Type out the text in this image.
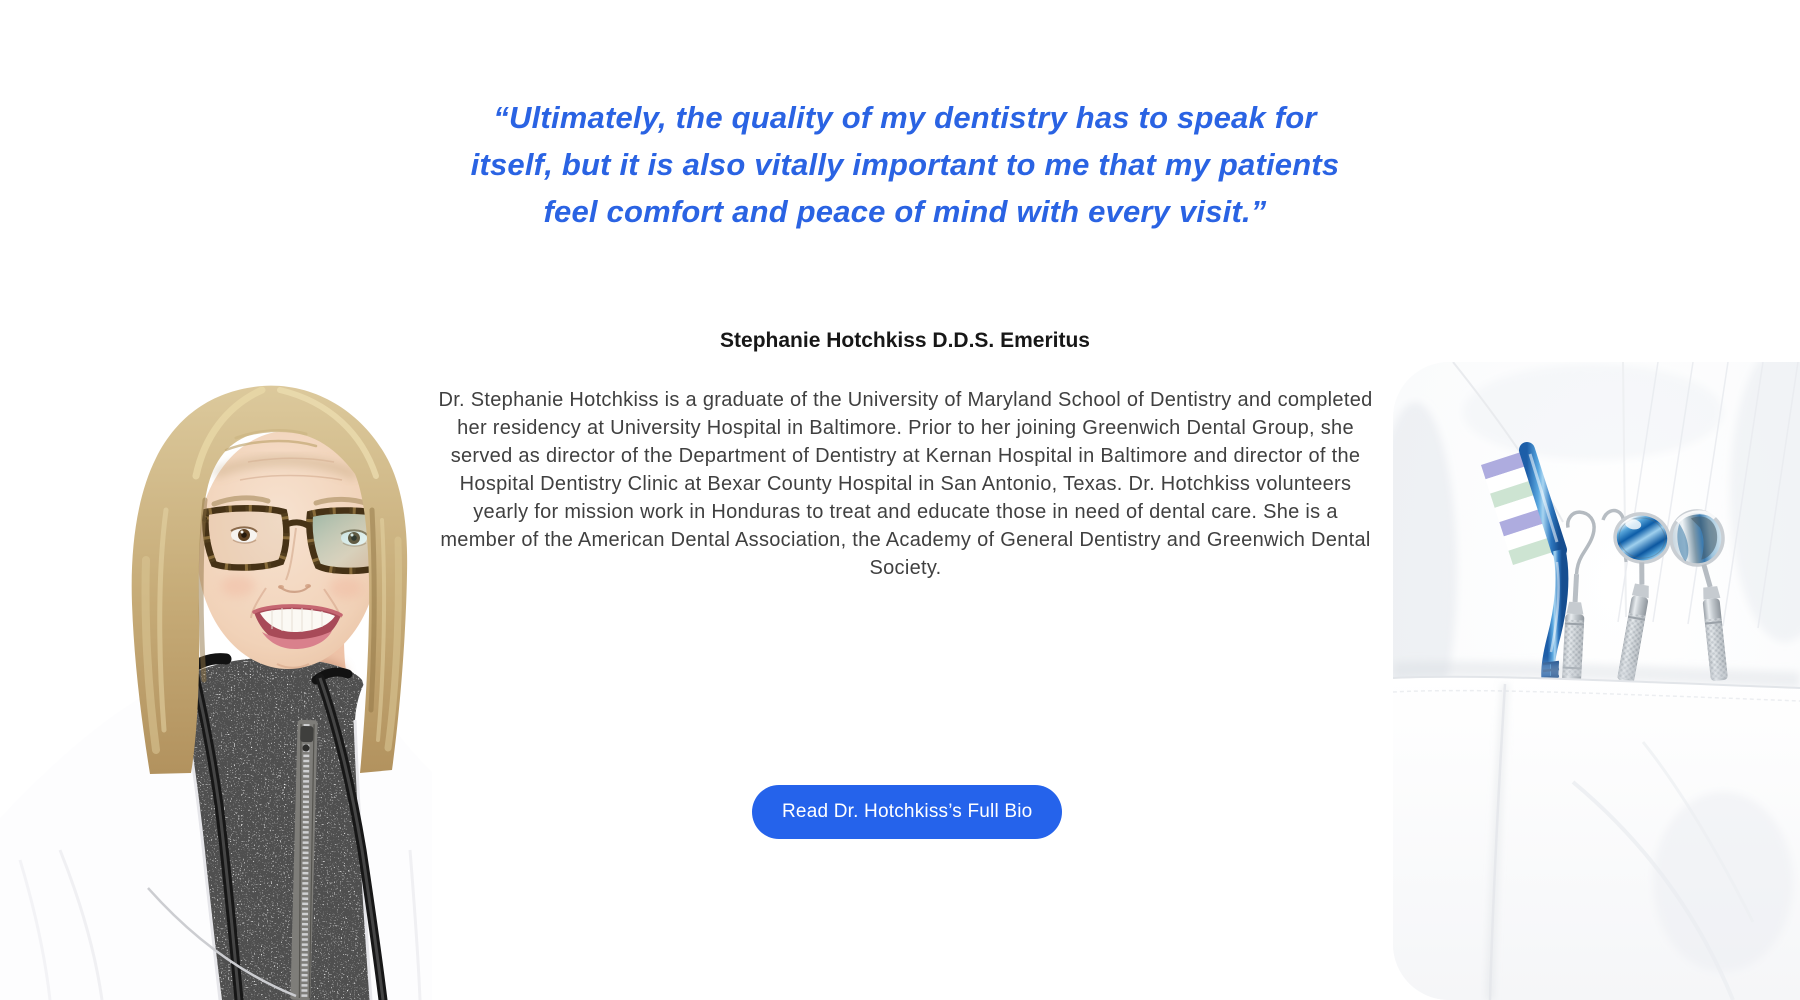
“Ultimately, the quality of my dentistry has to speak for
itself, but it is also vitally important to me that my patients
feel comfort and peace of mind with every visit.”
Stephanie Hotchkiss D.D.S. Emeritus
Dr. Stephanie Hotchkiss is a graduate of the University of Maryland School of Dentistry and completed her residency at University Hospital in Baltimore. Prior to her joining Greenwich Dental Group, she served as director of the Department of Dentistry at Kernan Hospital in Baltimore and director of the Hospital Dentistry Clinic at Bexar County Hospital in San Antonio, Texas. Dr. Hotchkiss volunteers yearly for mission work in Honduras to treat and educate those in need of dental care. She is a member of the American Dental Association, the Academy of General Dentistry and Greenwich Dental Society.
Read Dr. Hotchkiss’s Full Bio
